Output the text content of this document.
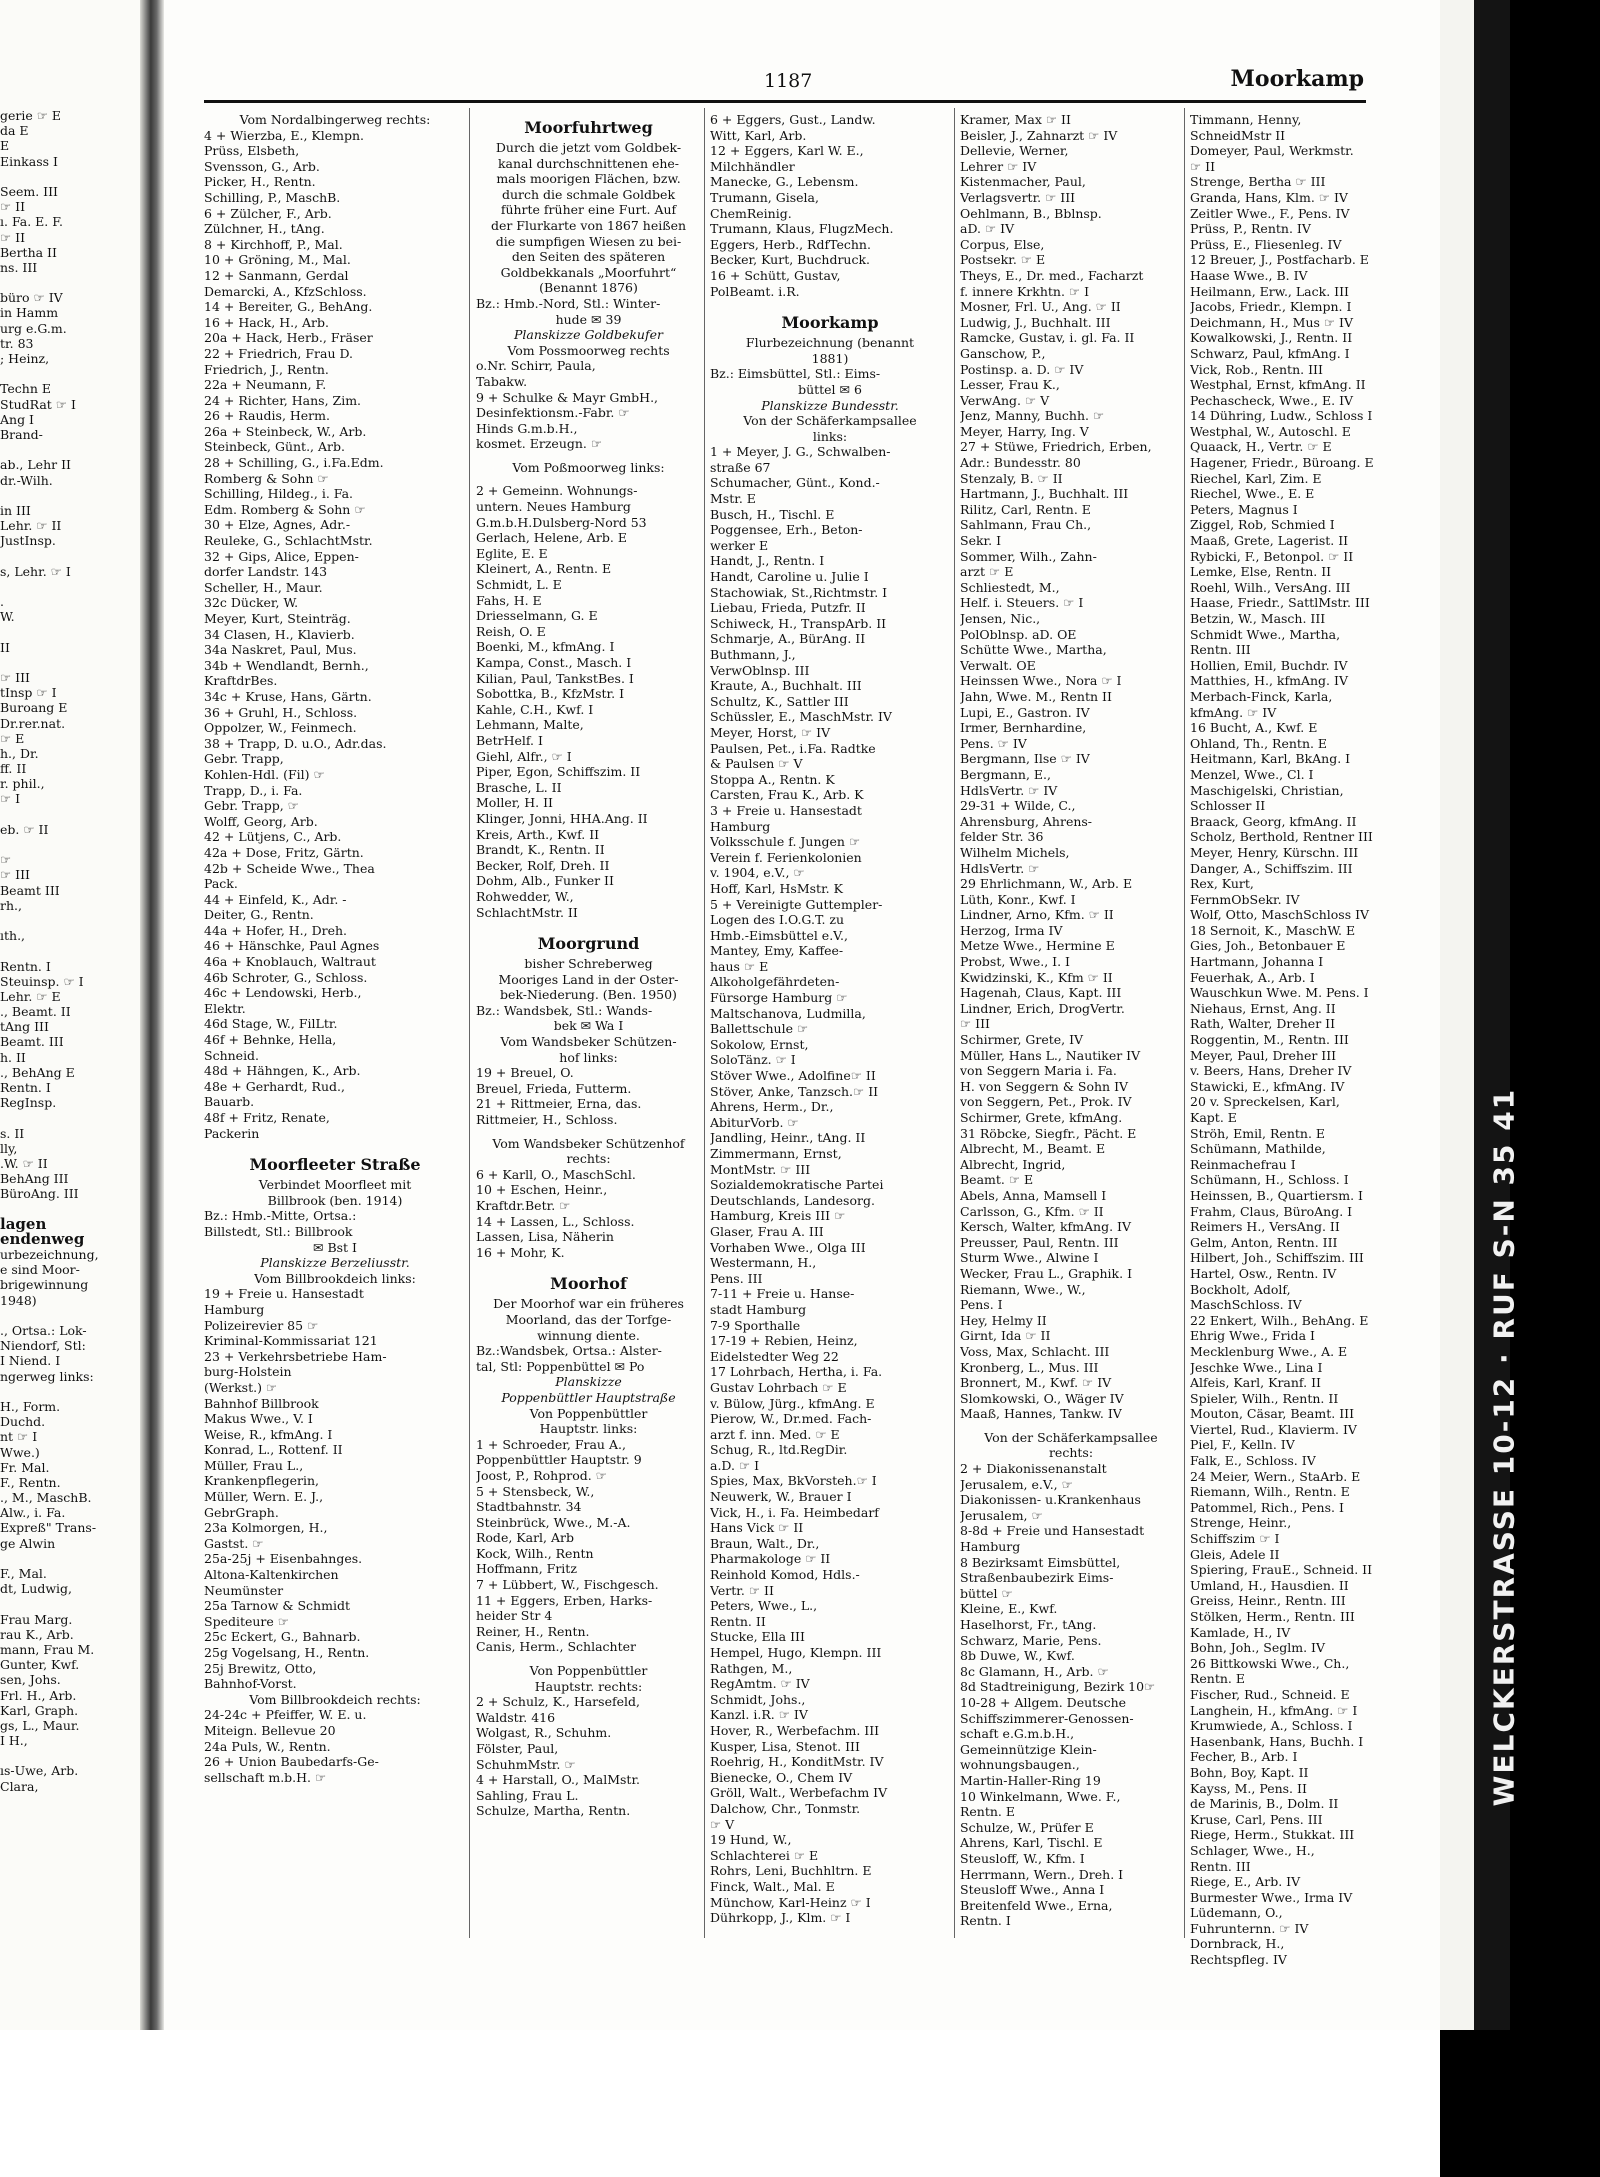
gerie ☞ E
da E
E
Einkass I
Seem. III
☞ II
ı. Fa. E. F.
☞ II
Bertha II
ns. III
büro ☞ IV
in Hamm
urg e.G.m.
tr. 83
; Heinz,
Techn E
StudRat ☞ I
Ang I
Brand-
ab., Lehr II
dr.-Wilh.
in III
Lehr. ☞ II
JustInsp.
s, Lehr. ☞ I
.
W.
II
☞ III
tInsp ☞ I
Buroang E
Dr.rer.nat.
☞ E
h., Dr.
ff. II
r. phil.,
☞ I
eb. ☞ II
☞
☞ III
Beamt III
rh.,
ıth.,
Rentn. I
Steuinsp. ☞ I
Lehr. ☞ E
., Beamt. II
tAng III
Beamt. III
h. II
., BehAng E
Rentn. I
RegInsp.
s. II
lly,
.W. ☞ II
BehAng III
BüroAng. III
lagen
endenweg
urbezeichnung,
e sind Moor-
brigewinnung
1948)
., Ortsa.: Lok-
Niendorf, Stl:
I Niend. I
ngerweg links:
H., Form.
Duchd.
nt ☞ I
Wwe.)
Fr. Mal.
F., Rentn.
., M., MaschB.
Alw., i. Fa.
Expreß" Trans-
ge Alwin
F., Mal.
dt, Ludwig,
Frau Marg.
rau K., Arb.
mann, Frau M.
Gunter, Kwf.
sen, Johs.
Frl. H., Arb.
Karl, Graph.
gs, L., Maur.
I H.,
ıs-Uwe, Arb.
Clara,
1187	Moorkamp
Vom Nordalbingerweg rechts:
4 + Wierzba, E., Klempn.
Prüss, Elsbeth,
Svensson, G., Arb.
Picker, H., Rentn.
Schilling, P., MaschB.
6 + Zülcher, F., Arb.
Zülchner, H., tAng.
8 + Kirchhoff, P., Mal.
10 + Gröning, M., Mal.
12 + Sanmann, Gerdal
Demarcki, A., KfzSchloss.
14 + Bereiter, G., BehAng.
16 + Hack, H., Arb.
20a + Hack, Herb., Fräser
22 + Friedrich, Frau D.
Friedrich, J., Rentn.
22a + Neumann, F.
24 + Richter, Hans, Zim.
26 + Raudis, Herm.
26a + Steinbeck, W., Arb.
Steinbeck, Günt., Arb.
28 + Schilling, G., i.Fa.Edm.
Romberg & Sohn ☞
Schilling, Hildeg., i. Fa.
Edm. Romberg & Sohn ☞
30 + Elze, Agnes, Adr.-
Reuleke, G., SchlachtMstr.
32 + Gips, Alice, Eppen-
dorfer Landstr. 143
Scheller, H., Maur.
32c Dücker, W.
Meyer, Kurt, Steinträg.
34 Clasen, H., Klavierb.
34a Naskret, Paul, Mus.
34b + Wendlandt, Bernh.,
KraftdrBes.
34c + Kruse, Hans, Gärtn.
36 + Gruhl, H., Schloss.
Oppolzer, W., Feinmech.
38 + Trapp, D. u.O., Adr.das.
Gebr. Trapp,
Kohlen-Hdl. (Fil) ☞
Trapp, D., i. Fa.
Gebr. Trapp, ☞
Wolff, Georg, Arb.
42 + Lütjens, C., Arb.
42a + Dose, Fritz, Gärtn.
42b + Scheide Wwe., Thea
Pack.
44 + Einfeld, K., Adr. -
Deiter, G., Rentn.
44a + Hofer, H., Dreh.
46 + Hänschke, Paul Agnes
46a + Knoblauch, Waltraut
46b Schroter, G., Schloss.
46c + Lendowski, Herb.,
Elektr.
46d Stage, W., FilLtr.
46f + Behnke, Hella,
Schneid.
48d + Hähngen, K., Arb.
48e + Gerhardt, Rud.,
Bauarb.
48f + Fritz, Renate,
Packerin
Moorfleeter Straße
Verbindet Moorfleet mit
Billbrook (ben. 1914)
Bz.: Hmb.-Mitte, Ortsa.:
Billstedt, Stl.: Billbrook
✉ Bst I
Planskizze Berzeliusstr.
Vom Billbrookdeich links:
19 + Freie u. Hansestadt
Hamburg
Polizeirevier 85 ☞
Kriminal-Kommissariat 121
23 + Verkehrsbetriebe Ham-
burg-Holstein
(Werkst.) ☞
Bahnhof Billbrook
Makus Wwe., V. I
Weise, R., kfmAng. I
Konrad, L., Rottenf. II
Müller, Frau L.,
Krankenpflegerin,
Müller, Wern. E. J.,
GebrGraph.
23a Kolmorgen, H.,
Gastst. ☞
25a-25j + Eisenbahnges.
Altona-Kaltenkirchen
Neumünster
25a Tarnow & Schmidt
Spediteure ☞
25c Eckert, G., Bahnarb.
25g Vogelsang, H., Rentn.
25j Brewitz, Otto,
Bahnhof-Vorst.
Vom Billbrookdeich rechts:
24-24c + Pfeiffer, W. E. u.
Miteign. Bellevue 20
24a Puls, W., Rentn.
26 + Union Baubedarfs-Ge-
sellschaft m.b.H. ☞
Moorfuhrtweg
Durch die jetzt vom Goldbek-
kanal durchschnittenen ehe-
mals moorigen Flächen, bzw.
durch die schmale Goldbek
führte früher eine Furt. Auf
der Flurkarte von 1867 heißen
die sumpfigen Wiesen zu bei-
den Seiten des späteren
Goldbekkanals „Moorfuhrt“
(Benannt 1876)
Bz.: Hmb.-Nord, Stl.: Winter-
hude ✉ 39
Planskizze Goldbekufer
Vom Possmoorweg rechts
o.Nr. Schirr, Paula,
Tabakw.
9 + Schulke & Mayr GmbH.,
Desinfektionsm.-Fabr. ☞
Hinds G.m.b.H.,
kosmet. Erzeugn. ☞
Vom Poßmoorweg links:
2 + Gemeinn. Wohnungs-
untern. Neues Hamburg
G.m.b.H.Dulsberg-Nord 53
Gerlach, Helene, Arb. E
Eglite, E. E
Kleinert, A., Rentn. E
Schmidt, L. E
Fahs, H. E
Driesselmann, G. E
Reish, O. E
Boenki, M., kfmAng. I
Kampa, Const., Masch. I
Kilian, Paul, TankstBes. I
Sobottka, B., KfzMstr. I
Kahle, C.H., Kwf. I
Lehmann, Malte,
BetrHelf. I
Giehl, Alfr., ☞ I
Piper, Egon, Schiffszim. II
Brasche, L. II
Moller, H. II
Klinger, Jonni, HHA.Ang. II
Kreis, Arth., Kwf. II
Brandt, K., Rentn. II
Becker, Rolf, Dreh. II
Dohm, Alb., Funker II
Rohwedder, W.,
SchlachtMstr. II
Moorgrund
bisher Schreberweg
Mooriges Land in der Oster-
bek-Niederung. (Ben. 1950)
Bz.: Wandsbek, Stl.: Wands-
bek ✉ Wa I
Vom Wandsbeker Schützen-
hof links:
19 + Breuel, O.
Breuel, Frieda, Futterm.
21 + Rittmeier, Erna, das.
Rittmeier, H., Schloss.
Vom Wandsbeker Schützenhof
rechts:
6 + Karll, O., MaschSchl.
10 + Eschen, Heinr.,
Kraftdr.Betr. ☞
14 + Lassen, L., Schloss.
Lassen, Lisa, Näherin
16 + Mohr, K.
Moorhof
Der Moorhof war ein früheres
Moorland, das der Torfge-
winnung diente.
Bz.:Wandsbek, Ortsa.: Alster-
tal, Stl: Poppenbüttel ✉ Po
Planskizze
Poppenbüttler Hauptstraße
Von Poppenbüttler
Hauptstr. links:
1 + Schroeder, Frau A.,
Poppenbüttler Hauptstr. 9
Joost, P., Rohprod. ☞
5 + Stensbeck, W.,
Stadtbahnstr. 34
Steinbrück, Wwe., M.-A.
Rode, Karl, Arb
Kock, Wilh., Rentn
Hoffmann, Fritz
7 + Lübbert, W., Fischgesch.
11 + Eggers, Erben, Harks-
heider Str 4
Reiner, H., Rentn.
Canis, Herm., Schlachter
Von Poppenbüttler
Hauptstr. rechts:
2 + Schulz, K., Harsefeld,
Waldstr. 416
Wolgast, R., Schuhm.
Fölster, Paul,
SchuhmMstr. ☞
4 + Harstall, O., MalMstr.
Sahling, Frau L.
Schulze, Martha, Rentn.
6 + Eggers, Gust., Landw.
Witt, Karl, Arb.
12 + Eggers, Karl W. E.,
Milchhändler
Manecke, G., Lebensm.
Trumann, Gisela,
ChemReinig.
Trumann, Klaus, FlugzMech.
Eggers, Herb., RdfTechn.
Becker, Kurt, Buchdruck.
16 + Schütt, Gustav,
PolBeamt. i.R.
Moorkamp
Flurbezeichnung (benannt
1881)
Bz.: Eimsbüttel, Stl.: Eims-
büttel ✉ 6
Planskizze Bundesstr.
Von der Schäferkampsallee
links:
1 + Meyer, J. G., Schwalben-
straße 67
Schumacher, Günt., Kond.-
Mstr. E
Busch, H., Tischl. E
Poggensee, Erh., Beton-
werker E
Handt, J., Rentn. I
Handt, Caroline u. Julie I
Stachowiak, St.,Richtmstr. I
Liebau, Frieda, Putzfr. II
Schiweck, H., TranspArb. II
Schmarje, A., BürAng. II
Buthmann, J.,
VerwOblnsp. III
Kraute, A., Buchhalt. III
Schultz, K., Sattler III
Schüssler, E., MaschMstr. IV
Meyer, Horst, ☞ IV
Paulsen, Pet., i.Fa. Radtke
& Paulsen ☞ V
Stoppa A., Rentn. K
Carsten, Frau K., Arb. K
3 + Freie u. Hansestadt
Hamburg
Volksschule f. Jungen ☞
Verein f. Ferienkolonien
v. 1904, e.V., ☞
Hoff, Karl, HsMstr. K
5 + Vereinigte Guttempler-
Logen des I.O.G.T. zu
Hmb.-Eimsbüttel e.V.,
Mantey, Emy, Kaffee-
haus ☞ E
Alkoholgefährdeten-
Fürsorge Hamburg ☞
Maltschanova, Ludmilla,
Ballettschule ☞
Sokolow, Ernst,
SoloTänz. ☞ I
Stöver Wwe., Adolfine☞ II
Stöver, Anke, Tanzsch.☞ II
Ahrens, Herm., Dr.,
AbiturVorb. ☞
Jandling, Heinr., tAng. II
Zimmermann, Ernst,
MontMstr. ☞ III
Sozialdemokratische Partei
Deutschlands, Landesorg.
Hamburg, Kreis III ☞
Glaser, Frau A. III
Vorhaben Wwe., Olga III
Westermann, H.,
Pens. III
7-11 + Freie u. Hanse-
stadt Hamburg
7-9 Sporthalle
17-19 + Rebien, Heinz,
Eidelstedter Weg 22
17 Lohrbach, Hertha, i. Fa.
Gustav Lohrbach ☞ E
v. Bülow, Jürg., kfmAng. E
Pierow, W., Dr.med. Fach-
arzt f. inn. Med. ☞ E
Schug, R., ltd.RegDir.
a.D. ☞ I
Spies, Max, BkVorsteh.☞ I
Neuwerk, W., Brauer I
Vick, H., i. Fa. Heimbedarf
Hans Vick ☞ II
Braun, Walt., Dr.,
Pharmakologe ☞ II
Reinhold Komod, Hdls.-
Vertr. ☞ II
Peters, Wwe., L.,
Rentn. II
Stucke, Ella III
Hempel, Hugo, Klempn. III
Rathgen, M.,
RegAmtm. ☞ IV
Schmidt, Johs.,
Kanzl. i.R. ☞ IV
Hover, R., Werbefachm. III
Kusper, Lisa, Stenot. III
Roehrig, H., KonditMstr. IV
Bienecke, O., Chem IV
Gröll, Walt., Werbefachm IV
Dalchow, Chr., Tonmstr.
☞ V
19 Hund, W.,
Schlachterei ☞ E
Rohrs, Leni, Buchhltrn. E
Finck, Walt., Mal. E
Münchow, Karl-Heinz ☞ I
Dührkopp, J., Klm. ☞ I
Kramer, Max ☞ II
Beisler, J., Zahnarzt ☞ IV
Dellevie, Werner,
Lehrer ☞ IV
Kistenmacher, Paul,
Verlagsvertr. ☞ III
Oehlmann, B., Bblnsp.
aD. ☞ IV
Corpus, Else,
Postsekr. ☞ E
Theys, E., Dr. med., Facharzt
f. innere Krkhtn. ☞ I
Mosner, Frl. U., Ang. ☞ II
Ludwig, J., Buchhalt. III
Ramcke, Gustav, i. gl. Fa. II
Ganschow, P.,
Postinsp. a. D. ☞ IV
Lesser, Frau K.,
VerwAng. ☞ V
Jenz, Manny, Buchh. ☞
Meyer, Harry, Ing. V
27 + Stüwe, Friedrich, Erben,
Adr.: Bundesstr. 80
Stenzaly, B. ☞ II
Hartmann, J., Buchhalt. III
Rilitz, Carl, Rentn. E
Sahlmann, Frau Ch.,
Sekr. I
Sommer, Wilh., Zahn-
arzt ☞ E
Schliestedt, M.,
Helf. i. Steuers. ☞ I
Jensen, Nic.,
PolOblnsp. aD. OE
Schütte Wwe., Martha,
Verwalt. OE
Heinssen Wwe., Nora ☞ I
Jahn, Wwe. M., Rentn II
Lupi, E., Gastron. IV
Irmer, Bernhardine,
Pens. ☞ IV
Bergmann, Ilse ☞ IV
Bergmann, E.,
HdlsVertr. ☞ IV
29-31 + Wilde, C.,
Ahrensburg, Ahrens-
felder Str. 36
Wilhelm Michels,
HdlsVertr. ☞
29 Ehrlichmann, W., Arb. E
Lüth, Konr., Kwf. I
Lindner, Arno, Kfm. ☞ II
Herzog, Irma IV
Metze Wwe., Hermine E
Probst, Wwe., I. I
Kwidzinski, K., Kfm ☞ II
Hagenah, Claus, Kapt. III
Lindner, Erich, DrogVertr.
☞ III
Schirmer, Grete, IV
Müller, Hans L., Nautiker IV
von Seggern Maria i. Fa.
H. von Seggern & Sohn IV
von Seggern, Pet., Prok. IV
Schirmer, Grete, kfmAng.
31 Röbcke, Siegfr., Pächt. E
Albrecht, M., Beamt. E
Albrecht, Ingrid,
Beamt. ☞ E
Abels, Anna, Mamsell I
Carlsson, G., Kfm. ☞ II
Kersch, Walter, kfmAng. IV
Preusser, Paul, Rentn. III
Sturm Wwe., Alwine I
Wecker, Frau L., Graphik. I
Riemann, Wwe., W.,
Pens. I
Hey, Helmy II
Girnt, Ida ☞ II
Voss, Max, Schlacht. III
Kronberg, L., Mus. III
Bronnert, M., Kwf. ☞ IV
Slomkowski, O., Wäger IV
Maaß, Hannes, Tankw. IV
Von der Schäferkampsallee
rechts:
2 + Diakonissenanstalt
Jerusalem, e.V., ☞
Diakonissen- u.Krankenhaus
Jerusalem, ☞
8-8d + Freie und Hansestadt
Hamburg
8 Bezirksamt Eimsbüttel,
Straßenbaubezirk Eims-
büttel ☞
Kleine, E., Kwf.
Haselhorst, Fr., tAng.
Schwarz, Marie, Pens.
8b Duwe, W., Kwf.
8c Glamann, H., Arb. ☞
8d Stadtreinigung, Bezirk 10☞
10-28 + Allgem. Deutsche
Schiffszimmerer-Genossen-
schaft e.G.m.b.H.,
Gemeinnützige Klein-
wohnungsbaugen.,
Martin-Haller-Ring 19
10 Winkelmann, Wwe. F.,
Rentn. E
Schulze, W., Prüfer E
Ahrens, Karl, Tischl. E
Steusloff, W., Kfm. I
Herrmann, Wern., Dreh. I
Steusloff Wwe., Anna I
Breitenfeld Wwe., Erna,
Rentn. I
Timmann, Henny,
SchneidMstr II
Domeyer, Paul, Werkmstr.
☞ II
Strenge, Bertha ☞ III
Granda, Hans, Klm. ☞ IV
Zeitler Wwe., F., Pens. IV
Prüss, P., Rentn. IV
Prüss, E., Fliesenleg. IV
12 Breuer, J., Postfacharb. E
Haase Wwe., B. IV
Heilmann, Erw., Lack. III
Jacobs, Friedr., Klempn. I
Deichmann, H., Mus ☞ IV
Kowalkowski, J., Rentn. II
Schwarz, Paul, kfmAng. I
Vick, Rob., Rentn. III
Westphal, Ernst, kfmAng. II
Pechascheck, Wwe., E. IV
14 Dühring, Ludw., Schloss I
Westphal, W., Autoschl. E
Quaack, H., Vertr. ☞ E
Hagener, Friedr., Büroang. E
Riechel, Karl, Zim. E
Riechel, Wwe., E. E
Peters, Magnus I
Ziggel, Rob, Schmied I
Maaß, Grete, Lagerist. II
Rybicki, F., Betonpol. ☞ II
Lemke, Else, Rentn. II
Roehl, Wilh., VersAng. III
Haase, Friedr., SattlMstr. III
Betzin, W., Masch. III
Schmidt Wwe., Martha,
Rentn. III
Hollien, Emil, Buchdr. IV
Matthies, H., kfmAng. IV
Merbach-Finck, Karla,
kfmAng. ☞ IV
16 Bucht, A., Kwf. E
Ohland, Th., Rentn. E
Heitmann, Karl, BkAng. I
Menzel, Wwe., Cl. I
Maschigelski, Christian,
Schlosser II
Braack, Georg, kfmAng. II
Scholz, Berthold, Rentner III
Meyer, Henry, Kürschn. III
Danger, A., Schiffszim. III
Rex, Kurt,
FernmObSekr. IV
Wolf, Otto, MaschSchloss IV
18 Sernoit, K., MaschW. E
Gies, Joh., Betonbauer E
Hartmann, Johanna I
Feuerhak, A., Arb. I
Wauschkun Wwe. M. Pens. I
Niehaus, Ernst, Ang. II
Rath, Walter, Dreher II
Roggentin, M., Rentn. III
Meyer, Paul, Dreher III
v. Beers, Hans, Dreher IV
Stawicki, E., kfmAng. IV
20 v. Spreckelsen, Karl,
Kapt. E
Ströh, Emil, Rentn. E
Schümann, Mathilde,
Reinmachefrau I
Schümann, H., Schloss. I
Heinssen, B., Quartiersm. I
Frahm, Claus, BüroAng. I
Reimers H., VersAng. II
Gelm, Anton, Rentn. III
Hilbert, Joh., Schiffszim. III
Hartel, Osw., Rentn. IV
Bockholt, Adolf,
MaschSchloss. IV
22 Enkert, Wilh., BehAng. E
Ehrig Wwe., Frida I
Mecklenburg Wwe., A. E
Jeschke Wwe., Lina I
Alfeis, Karl, Kranf. II
Spieler, Wilh., Rentn. II
Mouton, Cäsar, Beamt. III
Viertel, Rud., Klavierm. IV
Piel, F., Kelln. IV
Falk, E., Schloss. IV
24 Meier, Wern., StaArb. E
Riemann, Wilh., Rentn. E
Patommel, Rich., Pens. I
Strenge, Heinr.,
Schiffszim ☞ I
Gleis, Adele II
Spiering, FrauE., Schneid. II
Umland, H., Hausdien. II
Greiss, Heinr., Rentn. III
Stölken, Herm., Rentn. III
Kamlade, H., IV
Bohn, Joh., Seglm. IV
26 Bittkowski Wwe., Ch.,
Rentn. E
Fischer, Rud., Schneid. E
Langhein, H., kfmAng. ☞ I
Krumwiede, A., Schloss. I
Hasenbank, Hans, Buchh. I
Fecher, B., Arb. I
Bohn, Boy, Kapt. II
Kayss, M., Pens. II
de Marinis, B., Dolm. II
Kruse, Carl, Pens. III
Riege, Herm., Stukkat. III
Schlager, Wwe., H.,
Rentn. III
Riege, E., Arb. IV
Burmester Wwe., Irma IV
Lüdemann, O.,
Fuhrunternn. ☞ IV
Dornbrack, H.,
Rechtspfleg. IV
WELCKERSTRASSE 10-12 · RUF S-N 35 41
